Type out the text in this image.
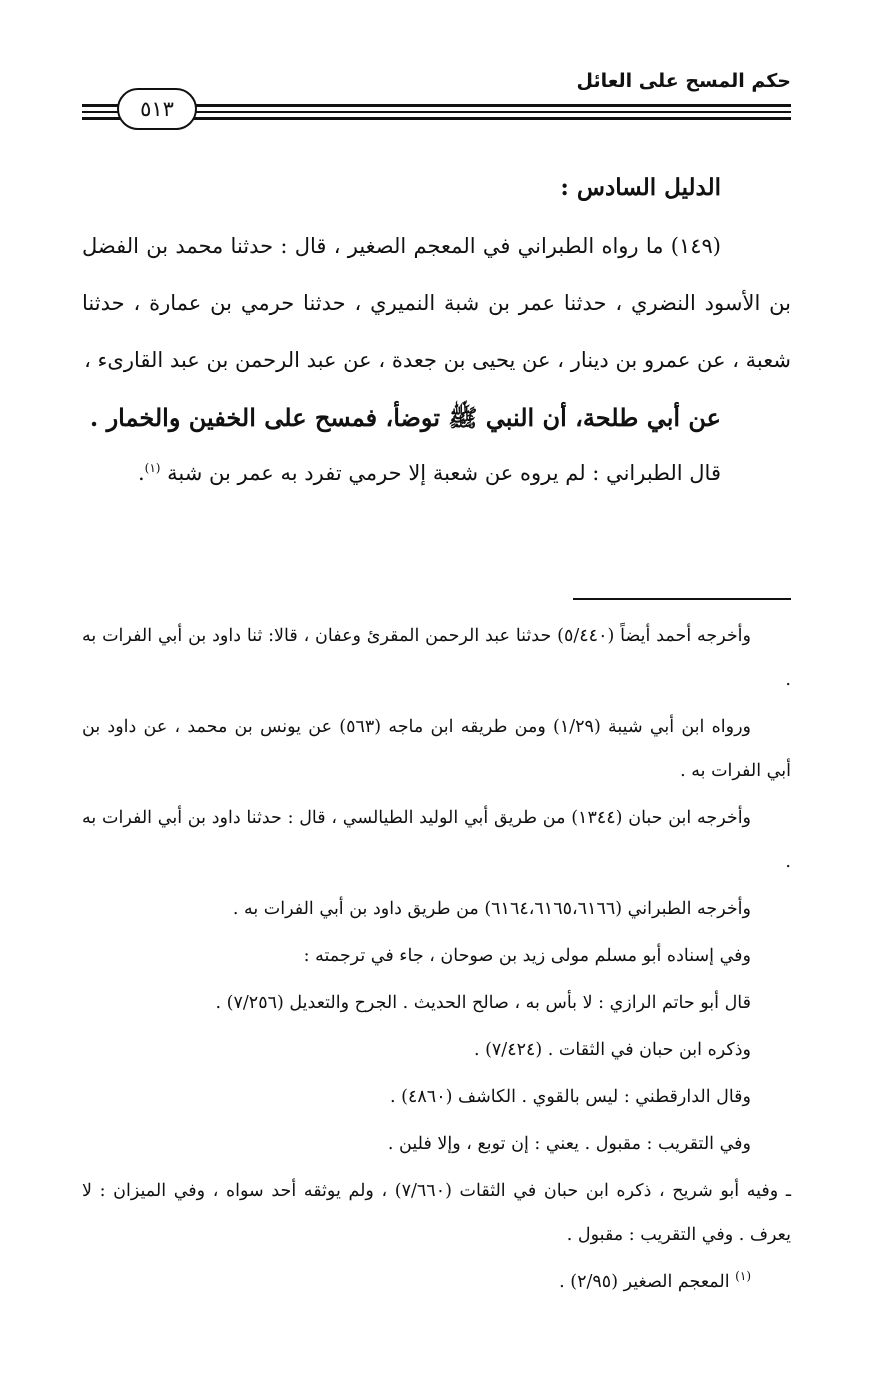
حكم المسح على العائل
٥١٣

الدليل السادس :

(١٤٩) ما رواه الطبراني في المعجم الصغير ، قال : حدثنا محمد بن الفضل بن الأسود النضري ، حدثنا عمر بن شبة النميري ، حدثنا حرمي بن عمارة ، حدثنا شعبة ، عن عمرو بن دينار ، عن يحيى بن جعدة ، عن عبد الرحمن بن عبد القارىء ،

عن أبي طلحة، أن النبي ﷺ توضأ، فمسح على الخفين والخمار .

قال الطبراني : لم يروه عن شعبة إلا حرمي تفرد به عمر بن شبة $^{(١)}$.

وأخرجه أحمد أيضاً (٥/٤٤٠) حدثنا عبد الرحمن المقرئ وعفان ، قالا: ثنا داود بن أبي الفرات به .

ورواه ابن أبي شيبة (١/٢٩) ومن طريقه ابن ماجه (٥٦٣) عن يونس بن محمد ، عن داود بن أبي الفرات به .

وأخرجه ابن حبان (١٣٤٤) من طريق أبي الوليد الطيالسي ، قال : حدثنا داود بن أبي الفرات به .

وأخرجه الطبراني (٦١٦٤،٦١٦٥،٦١٦٦) من طريق داود بن أبي الفرات به .

وفي إسناده أبو مسلم مولى زيد بن صوحان ، جاء في ترجمته :

قال أبو حاتم الرازي : لا بأس به ، صالح الحديث . الجرح والتعديل (٧/٢٥٦) .

وذكره ابن حبان في الثقات . (٧/٤٢٤) .

وقال الدارقطني : ليس بالقوي . الكاشف (٤٨٦٠) .

وفي التقريب : مقبول . يعني : إن توبع ، وإلا فلين .

ـ وفيه أبو شريح ، ذكره ابن حبان في الثقات (٧/٦٦٠) ، ولم يوثقه أحد سواه ، وفي الميزان : لا يعرف . وفي التقريب : مقبول .

$^{(١)}$ المعجم الصغير (٢/٩٥) .
